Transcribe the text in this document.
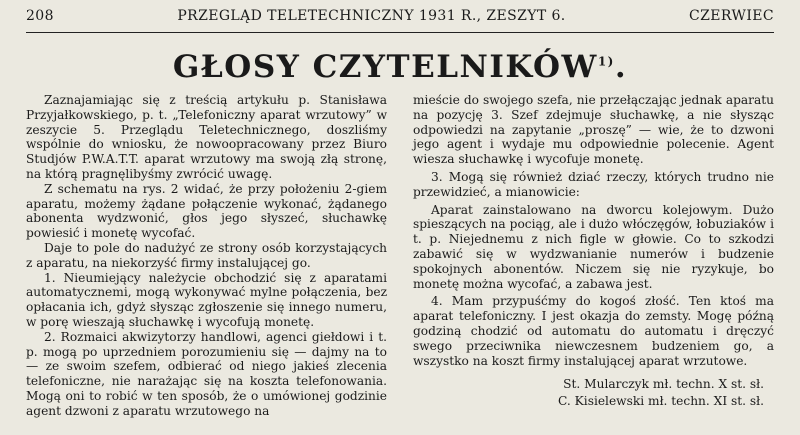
208	PRZEGLĄD TELETECHNICZNY 1931 R., ZESZYT 6.	CZERWIEC
GŁOSY CZYTELNIKÓW$^{1)}$.

Zaznajamiając się z treścią artykułu p. Stanisława Przyjałkowskiego, p. t. „Telefoniczny aparat wrzutowy” w zeszycie 5. Przeglądu Teletechnicznego, doszliśmy wspólnie do wniosku, że nowoopracowany przez Biuro Studjów P.W.A.T.T. aparat wrzutowy ma swoją złą stronę, na którą pragnęlibyśmy zwrócić uwagę.

Z schematu na rys. 2 widać, że przy położeniu 2-giem aparatu, możemy żądane połączenie wykonać, żądanego abonenta wydzwonić, głos jego słyszeć, słuchawkę powiesić i monetę wycofać.

Daje to pole do nadużyć ze strony osób korzystających z aparatu, na niekorzyść firmy instalującej go.

1. Nieumiejący należycie obchodzić się z aparatami automatycznemi, mogą wykonywać mylne połączenia, bez opłacania ich, gdyż słysząc zgłoszenie się innego numeru, w porę wieszają słuchawkę i wycofują monetę.

2. Rozmaici akwizytorzy handlowi, agenci giełdowi i t. p. mogą po uprzedniem porozumieniu się — dajmy na to — ze swoim szefem, odbierać od niego jakieś zlecenia telefoniczne, nie narażając się na koszta telefonowania. Mogą oni to robić w ten sposób, że o umówionej godzinie agent dzwoni z aparatu wrzutowego na

mieście do swojego szefa, nie przełączając jednak aparatu na pozycję 3. Szef zdejmuje słuchawkę, a nie słysząc odpowiedzi na zapytanie „proszę” — wie, że to dzwoni jego agent i wydaje mu odpowiednie polecenie. Agent wiesza słuchawkę i wycofuje monetę.

3. Mogą się również dziać rzeczy, których trudno nie przewidzieć, a mianowicie:

Aparat zainstalowano na dworcu kolejowym. Dużo spieszących na pociąg, ale i dużo włóczęgów, łobuziaków i t. p. Niejednemu z nich figle w głowie. Co to szkodzi zabawić się w wydzwanianie numerów i budzenie spokojnych abonentów. Niczem się nie ryzykuje, bo monetę można wycofać, a zabawa jest.

4. Mam przypuśćmy do kogoś złość. Ten ktoś ma aparat telefoniczny. I jest okazja do zemsty. Mogę późną godziną chodzić od automatu do automatu i dręczyć swego przeciwnika niewczesnem budzeniem go, a wszystko na koszt firmy instalującej aparat wrzutowe.

St. Mularczyk mł. techn. X st. sł.
C. Kisielewski mł. techn. XI st. sł.
